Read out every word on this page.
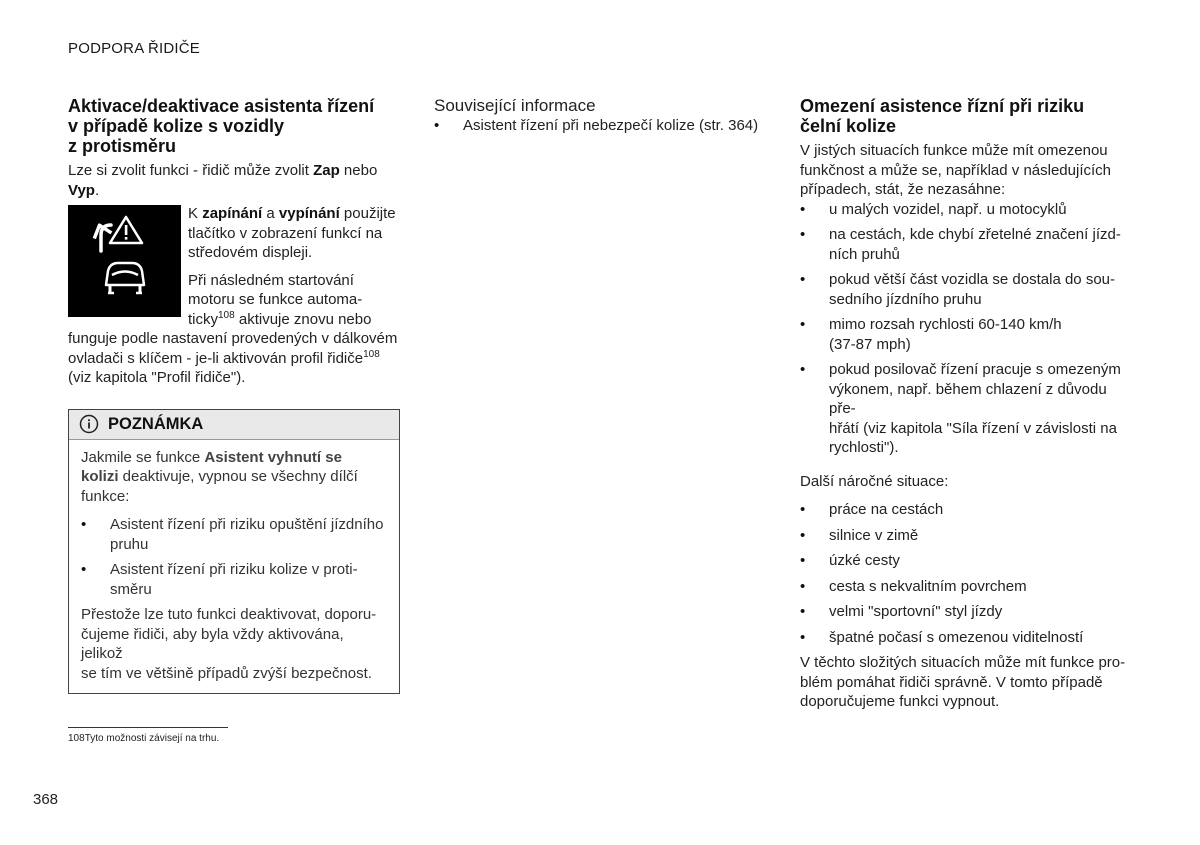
PODPORA ŘIDIČE
Aktivace/deaktivace asistenta řízení
v případě kolize s vozidly
z protisměru

Lze si zvolit funkci - řidič může zvolit Zap nebo
Vyp.

K zapínání a vypínání použijte
tlačítko v zobrazení funkcí na
středovém displeji.

Při následném startování
motoru se funkce automa-
ticky$^{108}$ aktivuje znovu nebo
funguje podle nastavení provedených v dálkovém
ovladači s klíčem - je-li aktivován profil řidiče$^{108}$
(viz kapitola "Profil řidiče").

POZNÁMKA

Jakmile se funkce Asistent vyhnutí se
kolizi deaktivuje, vypnou se všechny dílčí
funkce:

• Asistent řízení při riziku opuštění jízdního
pruhu
• Asistent řízení při riziku kolize v proti-
směru

Přestože lze tuto funkci deaktivovat, doporu-
čujeme řidiči, aby byla vždy aktivována, jelikož
se tím ve většině případů zvýší bezpečnost.

Související informace
• Asistent řízení při nebezpečí kolize (str. 364)
Omezení asistence řízní při riziku
čelní kolize

V jistých situacích funkce může mít omezenou
funkčnost a může se, například v následujících
případech, stát, že nezasáhne:

• u malých vozidel, např. u motocyklů
• na cestách, kde chybí zřetelné značení jízd-
ních pruhů
• pokud větší část vozidla se dostala do sou-
sedního jízdního pruhu
• mimo rozsah rychlosti 60-140 km/h
(37-87 mph)
• pokud posilovač řízení pracuje s omezeným
výkonem, např. během chlazení z důvodu pře-
hřátí (viz kapitola "Síla řízení v závislosti na
rychlosti").

Další náročné situace:

• práce na cestách
• silnice v zimě
• úzké cesty
• cesta s nekvalitním povrchem
• velmi "sportovní" styl jízdy
• špatné počasí s omezenou viditelností

V těchto složitých situacích může mít funkce pro-
blém pomáhat řidiči správně. V tomto případě
doporučujeme funkci vypnout.

108Tyto možnosti závisejí na trhu.
368
